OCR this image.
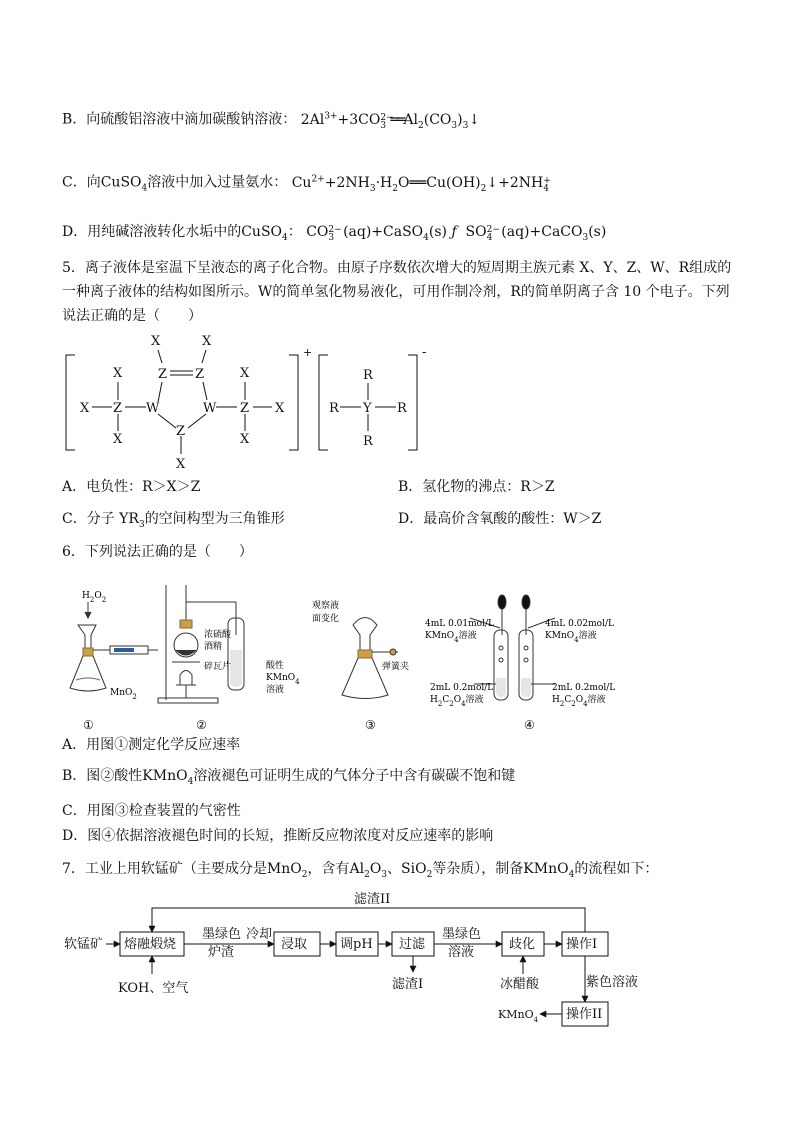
B．向硫酸铝溶液中滴加碳酸钠溶液： $2Al^{3+}+3CO$ 2−
$_3$ $══Al_2(CO_3)_3↓$
C．向CuSO$_4$溶液中加入过量氨水： $Cu^{2+}+2NH_3\cdot H_2O══Cu(OH)_2↓+2NH$ +
$_4$
D．用纯碱溶液转化水垢中的CuSO$_4$： CO 2−
$_3$ (aq)+CaSO$_4$(s) ƒ SO 2−
$_4$ (aq)+CaCO$_3$(s)
5．离子液体是室温下呈液态的离子化合物。由原子序数依次增大的短周期主族元素 X、Y、Z、W、R组成的
一种离子液体的结构如图所示。W的简单氢化物易液化，可用作制冷剂，R的简单阴离子含 10 个电子。下列
说法正确的是（　　）
X
X
X Z W
Z Z
W
Z
X	X
X
X
Z
X
X
+	-
R
R Y R
R
A．电负性：R＞X＞Z	B．氢化物的沸点：R＞Z
C．分子 $YR_3$的空间构型为三角锥形	D．最高价含氧酸的酸性：W＞Z
6．下列说法正确的是（　　）
$H_2O_2$
MnO$_2$
①
浓硫酸
酒精
碎瓦片	酸性
KMnO$_4$
溶液
②
观察液
面变化
弹簧夹
③
4mL 0.01mol/L
KMnO$_4$溶液
4mL 0.02mol/L
KMnO$_4$溶液
2mL 0.2mol/L
$H_2C_2O_4$溶液
2mL 0.2mol/L
$H_2C_2O_4$溶液
④
A．用图①测定化学反应速率
B．图②酸性KMnO$_4$溶液褪色可证明生成的气体分子中含有碳碳不饱和键
C．用图③检查装置的气密性
D．图④依据溶液褪色时间的长短，推断反应物浓度对反应速率的影响
7．工业上用软锰矿（主要成分是MnO$_2$，含有$Al_2O_3$、SiO$_2$等杂质），制备KMnO$_4$的流程如下：
软锰矿 熔融煅烧	浸取	调pH 过滤	歧化 操作I
操作II
KOH、空气
墨绿色
炉渣
冷却	墨绿色
溶液
滤渣I
滤渣II
冰醋酸	紫色溶液
KMnO$_4$
